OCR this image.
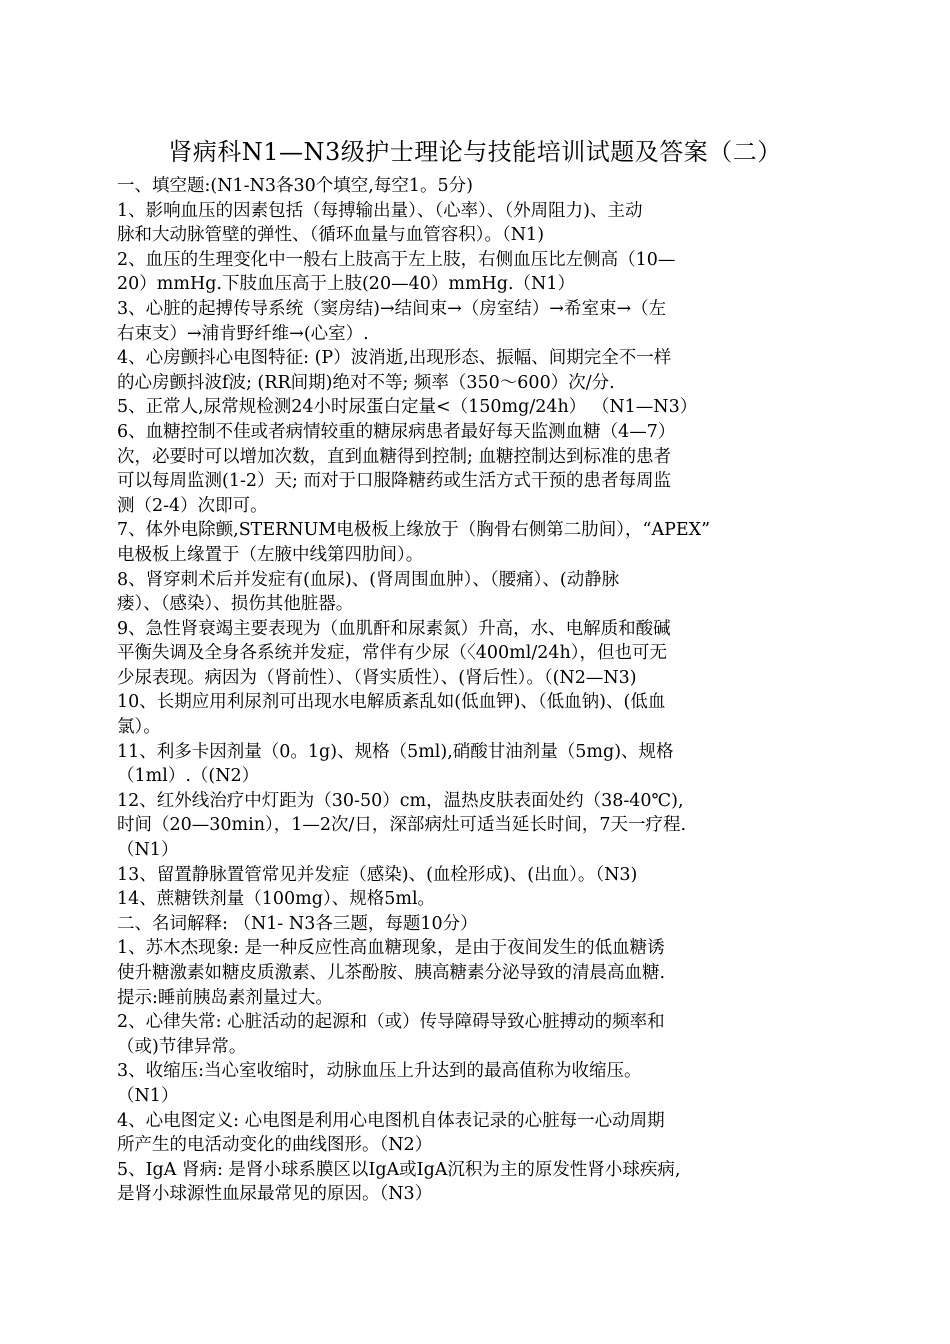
肾病科N1—N3级护士理论与技能培训试题及答案（二）
一、填空题:(N1-N3各30个填空,每空1。5分)
1、影响血压的因素包括（每搏输出量）、（心率）、（外周阻力)、主动
脉和大动脉管壁的弹性、（循环血量与血管容积）。（N1)
2、血压的生理变化中一般右上肢高于左上肢，右侧血压比左侧高（10—
20）mmHg.下肢血压高于上肢(20—40）mmHg.（N1）
3、心脏的起搏传导系统（窦房结)→结间束→（房室结）→希室束→（左
右束支）→浦肯野纤维→(心室）.
4、心房颤抖心电图特征: (P）波消逝,出现形态、振幅、间期完全不一样
的心房颤抖波f波; (RR间期)绝对不等; 频率（350～600）次/分.
5、正常人,尿常规检测24小时尿蛋白定量<（150mg/24h） （N1—N3）
6、血糖控制不佳或者病情较重的糖尿病患者最好每天监测血糖（4—7）
次，必要时可以增加次数，直到血糖得到控制; 血糖控制达到标准的患者
可以每周监测(1-2）天; 而对于口服降糖药或生活方式干预的患者每周监
测（2-4）次即可。
7、体外电除颤,STERNUM电极板上缘放于（胸骨右侧第二肋间），“APEX”
电极板上缘置于（左腋中线第四肋间）。
8、肾穿刺术后并发症有(血尿)、(肾周围血肿）、（腰痛）、(动静脉
瘘）、（感染）、损伤其他脏器。
9、急性肾衰竭主要表现为（血肌酐和尿素氮）升高，水、电解质和酸碱
平衡失调及全身各系统并发症，常伴有少尿（〈400ml/24h），但也可无
少尿表现。病因为（肾前性）、（肾实质性）、(肾后性）。（(N2—N3)
10、长期应用利尿剂可出现水电解质紊乱如(低血钾)、（低血钠)、(低血
氯）。
11、利多卡因剂量（0。1g)、规格（5ml),硝酸甘油剂量（5mg)、规格
（1ml）.（(N2）
12、红外线治疗中灯距为（30-50）cm，温热皮肤表面处约（38-40℃),
时间（20—30min），1—2次/日，深部病灶可适当延长时间，7天一疗程.
（N1）
13、留置静脉置管常见并发症（感染)、(血栓形成)、(出血）。（N3)
14、蔗糖铁剂量（100mg）、规格5ml。
二、名词解释: （N1- N3各三题，每题10分）
1、苏木杰现象: 是一种反应性高血糖现象，是由于夜间发生的低血糖诱
使升糖激素如糖皮质激素、儿茶酚胺、胰高糖素分泌导致的清晨高血糖.
提示:睡前胰岛素剂量过大。
2、心律失常: 心脏活动的起源和（或）传导障碍导致心脏搏动的频率和
（或)节律异常。
3、收缩压:当心室收缩时，动脉血压上升达到的最高值称为收缩压。
（N1）
4、心电图定义: 心电图是利用心电图机自体表记录的心脏每一心动周期
所产生的电活动变化的曲线图形。（N2）
5、IgA 肾病: 是肾小球系膜区以IgA或IgA沉积为主的原发性肾小球疾病,
是肾小球源性血尿最常见的原因。（N3）
